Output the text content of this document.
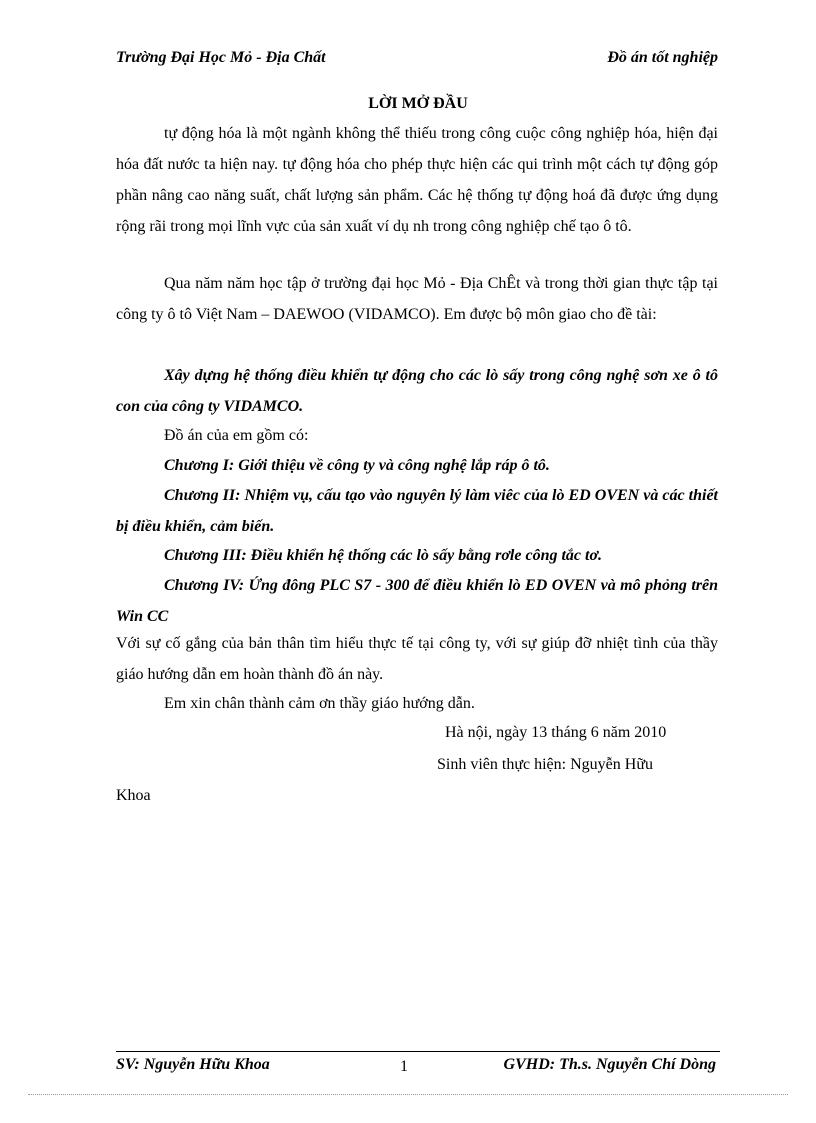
Trường Đại Học Mỏ - Địa Chất	Đồ án tốt nghiệp
LỜI MỞ ĐẦU
tự động hóa là một ngành không thể thiếu trong công cuộc công nghiệp hóa, hiện đại hóa đất nước ta hiện nay. tự động hóa cho phép thực hiện các qui trình một cách tự động góp phần nâng cao năng suất, chất lượng sản phẩm. Các hệ thống tự động hoá đã được ứng dụng rộng rãi trong mọi lĩnh vực của sản xuất ví dụ nh trong công nghiệp chế tạo ô tô.
Qua năm năm học tập ở trường đại học Mỏ - Địa ChÊt và trong thời gian thực tập tại công ty ô tô Việt Nam – DAEWOO (VIDAMCO). Em được bộ môn giao cho đề tài:
Xây dựng hệ thống điều khiển tự động cho các lò sấy trong công nghệ sơn xe ô tô con của công ty VIDAMCO.
Đồ án của em gồm có:
Chương I: Giới thiệu về công ty và công nghệ lắp ráp ô tô.
Chương II: Nhiệm vụ, cấu tạo vào nguyên lý làm viêc của lò ED OVEN và các thiết bị điều khiển, cảm biến.
Chương III: Điều khiển hệ thống các lò sấy bằng rơle công tắc tơ.
Chương IV: Ứng đông PLC S7 - 300 để điều khiển lò ED OVEN và mô phỏng trên Win CC
Với sự cố gắng của bản thân tìm hiểu thực tế tại công ty, với sự giúp đỡ nhiệt tình của thầy giáo hướng dẫn em hoàn thành đồ án này.
Em xin chân thành cảm ơn thầy giáo hướng dẫn.
Hà nội, ngày 13 tháng 6 năm 2010
Sinh viên thực hiện: Nguyễn Hữu
Khoa
SV: Nguyễn Hữu Khoa	1	GVHD: Th.s. Nguyễn Chí Dòng
